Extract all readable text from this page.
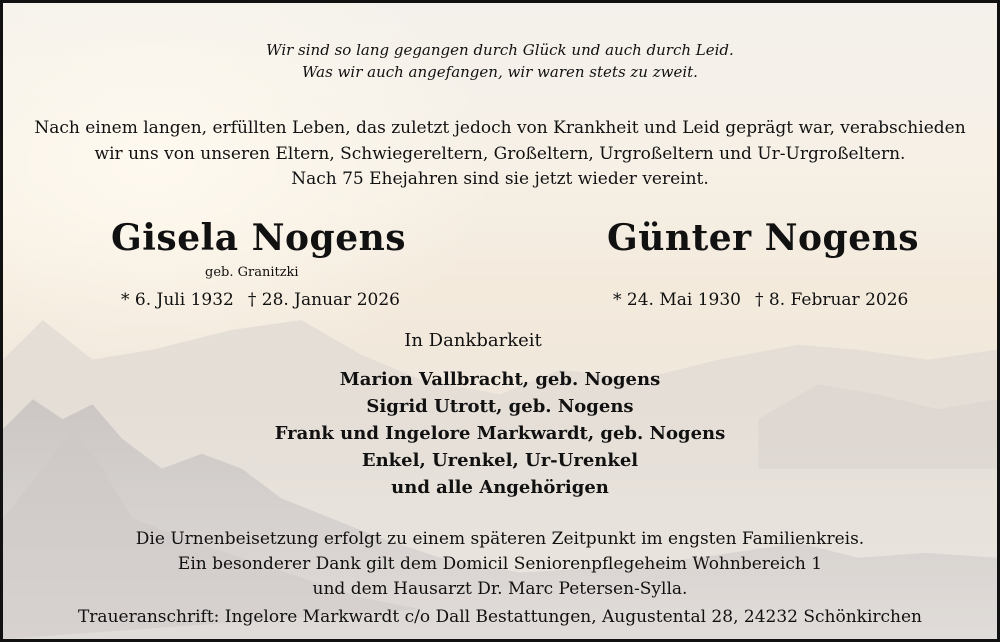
Wir sind so lang gegangen durch Glück und auch durch Leid.
Was wir auch angefangen, wir waren stets zu zweit.
Nach einem langen, erfüllten Leben, das zuletzt jedoch von Krankheit und Leid geprägt war, verabschieden
wir uns von unseren Eltern, Schwiegereltern, Großeltern, Urgroßeltern und Ur-Urgroßeltern.
Nach 75 Ehejahren sind sie jetzt wieder vereint.
Gisela Nogens
geb. Granitzki
* 6. Juli 1932 † 28. Januar 2026
Günter Nogens
* 24. Mai 1930 † 8. Februar 2026
In Dankbarkeit
Marion Vallbracht, geb. Nogens
Sigrid Utrott, geb. Nogens
Frank und Ingelore Markwardt, geb. Nogens
Enkel, Urenkel, Ur-Urenkel
und alle Angehörigen
Die Urnenbeisetzung erfolgt zu einem späteren Zeitpunkt im engsten Familienkreis.
Ein besonderer Dank gilt dem Domicil Seniorenpflegeheim Wohnbereich 1
und dem Hausarzt Dr. Marc Petersen-Sylla.
Traueranschrift: Ingelore Markwardt c/o Dall Bestattungen, Augustental 28, 24232 Schönkirchen
